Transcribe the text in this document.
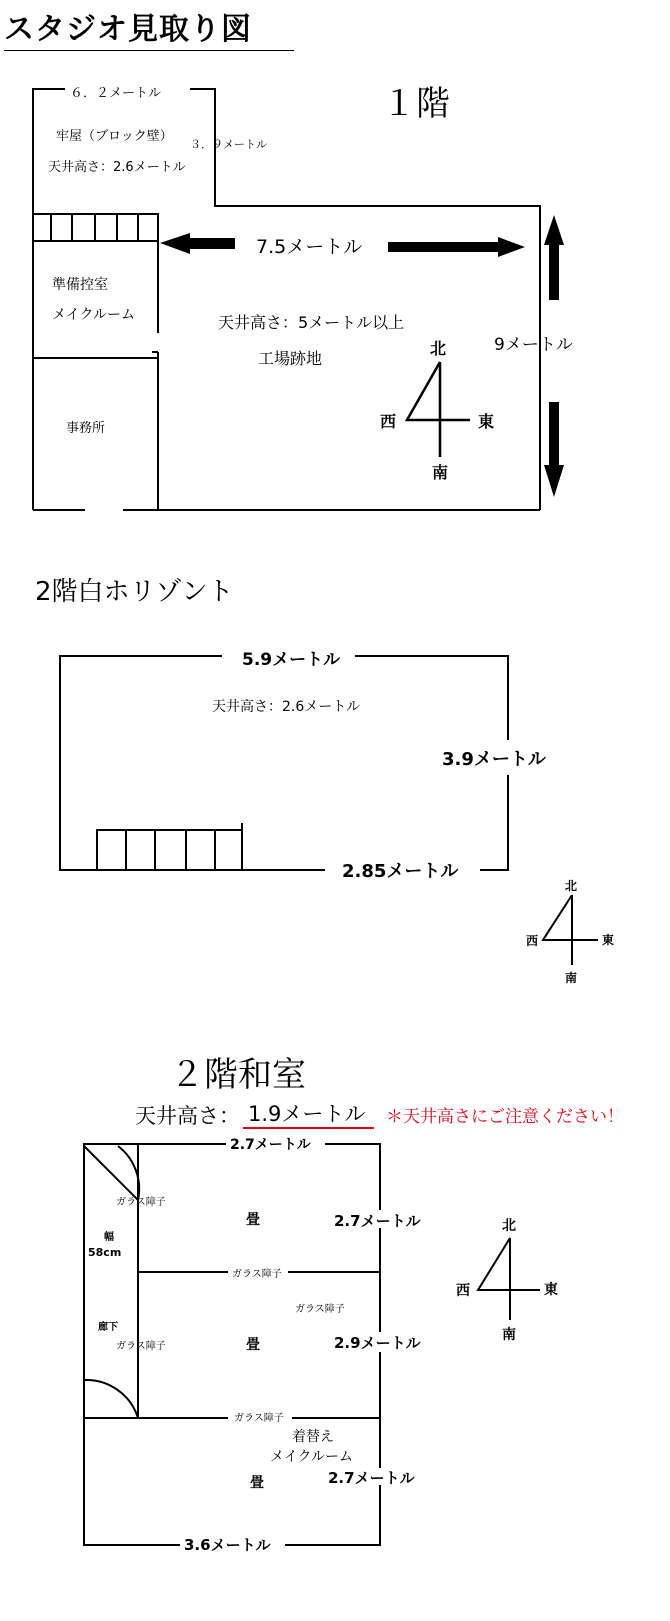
スタジオ見取り図
６．２メートル	１階
牢屋（ブロック壁）
３．９メートル
天井高さ：2.6メートル
7.5メートル
準備控室
メイクルーム	天井高さ：5メートル以上
工場跡地
9メートル
北
西	東
南
事務所
2階白ホリゾント
5.9メートル
天井高さ：2.6メートル
3.9メートル
2.85メートル
北
西	東
南
２階和室
天井高さ： 1.9メートル ＊天井高さにご注意ください！
2.7メートル
ガラス障子
畳	2.7メートル
幅
58cm
ガラス障子
ガラス障子
廊下
ガラス障子	畳	2.9メートル
ガラス障子
着替え
メイクルーム
2.7メートル
畳
3.6メートル
北
西	東
南
